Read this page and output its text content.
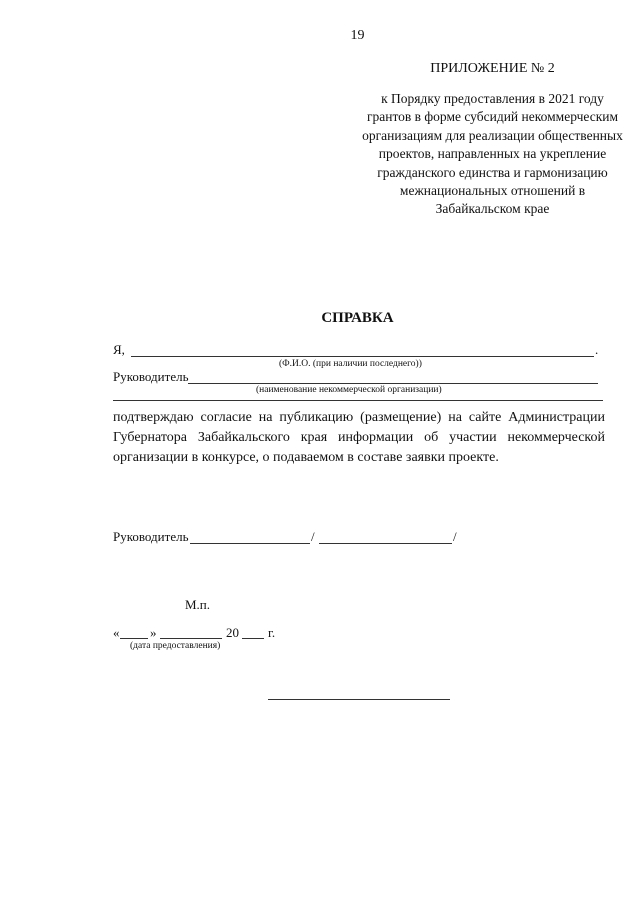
19
ПРИЛОЖЕНИЕ № 2
к Порядку предоставления в 2021 году грантов в форме субсидий некоммерческим организациям для реализации общественных проектов, направленных на укрепление гражданского единства и гармонизацию межнациональных отношений в Забайкальском крае
СПРАВКА
Я,	.
(Ф.И.О. (при наличии последнего))
Руководитель
(наименование некоммерческой организации)
подтверждаю согласие на публикацию (размещение) на сайте Администрации Губернатора Забайкальского края информации об участии некоммерческой организации в конкурсе, о подаваемом в составе заявки проекте.
Руководитель	/	/
М.п.
« »	20 г.
(дата предоставления)
